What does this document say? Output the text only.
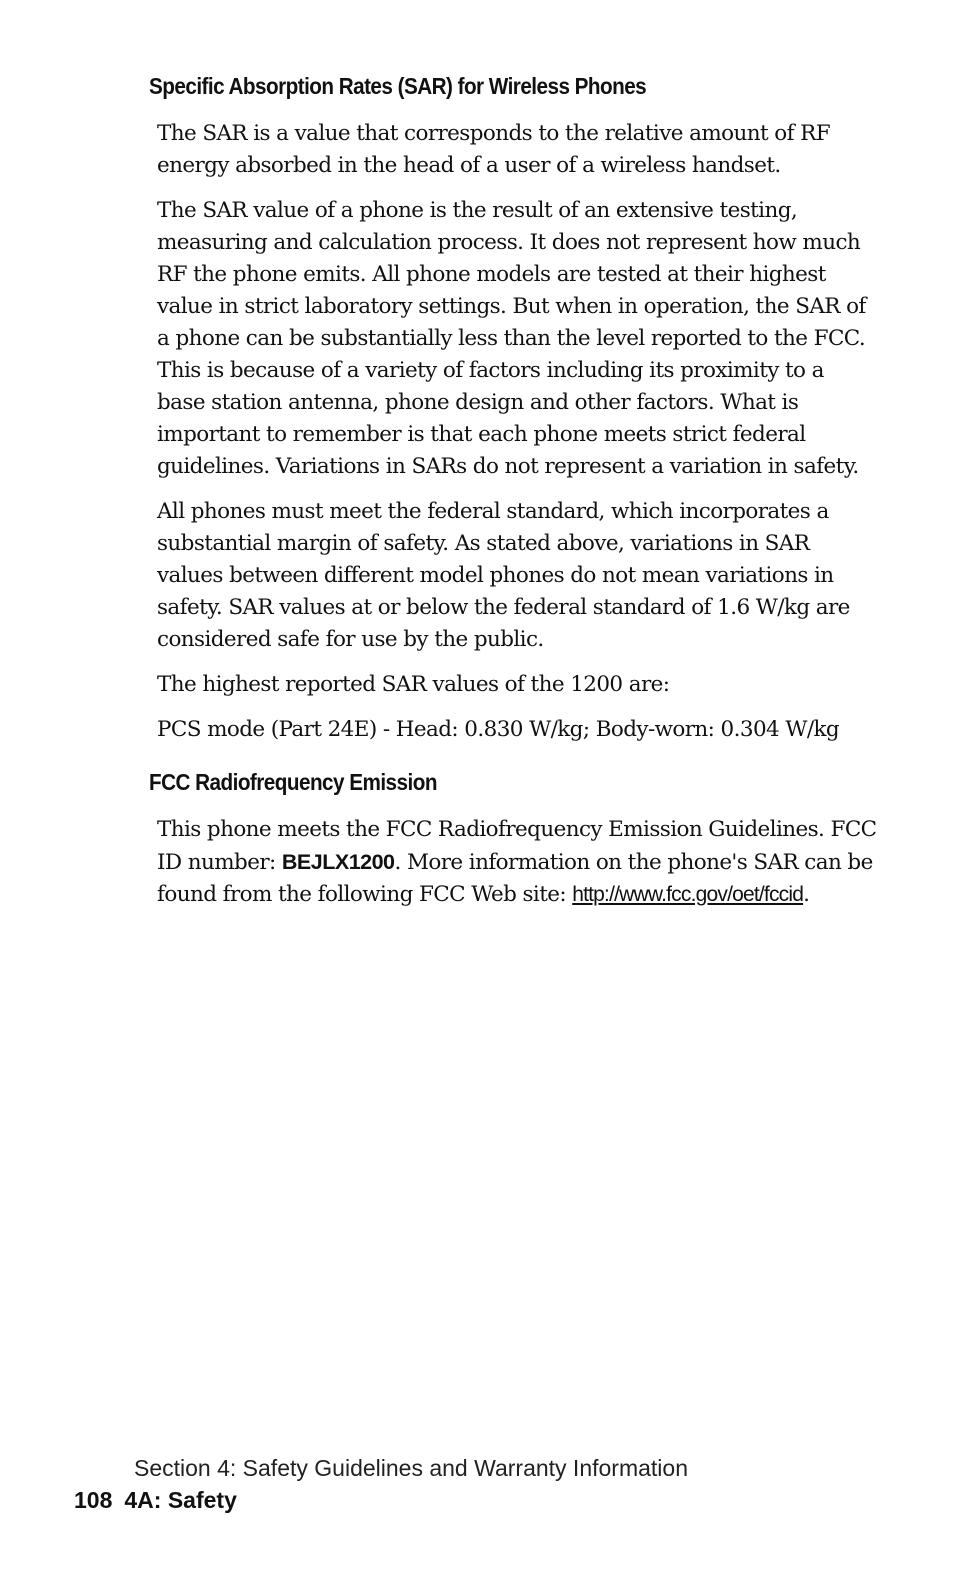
Specific Absorption Rates (SAR) for Wireless Phones

The SAR is a value that corresponds to the relative amount of RF energy absorbed in the head of a user of a wireless handset.

The SAR value of a phone is the result of an extensive testing, measuring and calculation process. It does not represent how much RF the phone emits. All phone models are tested at their highest value in strict laboratory settings. But when in operation, the SAR of a phone can be substantially less than the level reported to the FCC. This is because of a variety of factors including its proximity to a base station antenna, phone design and other factors. What is important to remember is that each phone meets strict federal guidelines. Variations in SARs do not represent a variation in safety.

All phones must meet the federal standard, which incorporates a substantial margin of safety. As stated above, variations in SAR values between different model phones do not mean variations in safety. SAR values at or below the federal standard of 1.6 W/kg are considered safe for use by the public.

The highest reported SAR values of the 1200 are:

PCS mode (Part 24E) - Head: 0.830 W/kg; Body-worn: 0.304 W/kg

FCC Radiofrequency Emission

This phone meets the FCC Radiofrequency Emission Guidelines. FCC ID number: BEJLX1200. More information on the phone's SAR can be found from the following FCC Web site: http://www.fcc.gov/oet/fccid.

Section 4: Safety Guidelines and Warranty Information
108 4A: Safety
